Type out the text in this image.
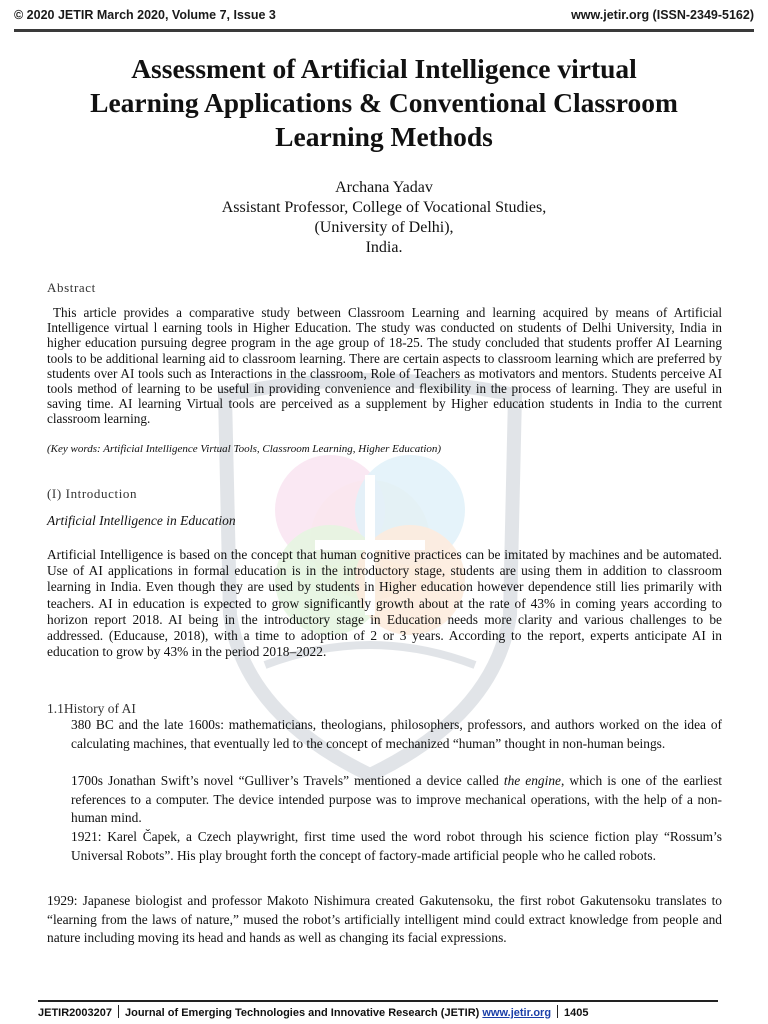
© 2020 JETIR March 2020, Volume 7, Issue 3	www.jetir.org (ISSN-2349-5162)
Assessment of Artificial Intelligence virtual
Learning Applications & Conventional Classroom
Learning Methods
Archana Yadav
Assistant Professor, College of Vocational Studies,
(University of Delhi),
India.
Abstract

This article provides a comparative study between Classroom Learning and learning acquired by means of Artificial Intelligence virtual l earning tools in Higher Education. The study was conducted on students of Delhi University, India in higher education pursuing degree program in the age group of 18-25. The study concluded that students proffer AI Learning tools to be additional learning aid to classroom learning. There are certain aspects to classroom learning which are preferred by students over AI tools such as Interactions in the classroom, Role of Teachers as motivators and mentors. Students perceive AI tools method of learning to be useful in providing convenience and flexibility in the process of learning. They are useful in saving time. AI learning Virtual tools are perceived as a supplement by Higher education students in India to the current classroom learning.

(Key words: Artificial Intelligence Virtual Tools, Classroom Learning, Higher Education)
(I) Introduction
Artificial Intelligence in Education

Artificial Intelligence is based on the concept that human cognitive practices can be imitated by machines and be automated. Use of AI applications in formal education is in the introductory stage, students are using them in addition to classroom learning in India. Even though they are used by students in Higher education however dependence still lies primarily with teachers. AI in education is expected to grow significantly growth about at the rate of 43% in coming years according to horizon report 2018. AI being in the introductory stage in Education needs more clarity and various challenges to be addressed. (Educause, 2018), with a time to adoption of 2 or 3 years. According to the report, experts anticipate AI in education to grow by 43% in the period 2018–2022.

1.1History of AI

380 BC and the late 1600s: mathematicians, theologians, philosophers, professors, and authors worked on the idea of calculating machines, that eventually led to the concept of mechanized “human” thought in non-human beings.

1700s Jonathan Swift’s novel “Gulliver’s Travels” mentioned a device called the engine, which is one of the earliest references to a computer. The device intended purpose was to improve mechanical operations, with the help of a non-human mind.

1921: Karel Čapek, a Czech playwright, first time used the word robot through his science fiction play “Rossum’s Universal Robots”. His play brought forth the concept of factory-made artificial people who he called robots.

1929: Japanese biologist and professor Makoto Nishimura created Gakutensoku, the first robot Gakutensoku translates to “learning from the laws of nature,” mused the robot’s artificially intelligent mind could extract knowledge from people and nature including moving its head and hands as well as changing its facial expressions.

JETIR2003207 Journal of Emerging Technologies and Innovative Research (JETIR) www.jetir.org 1405
